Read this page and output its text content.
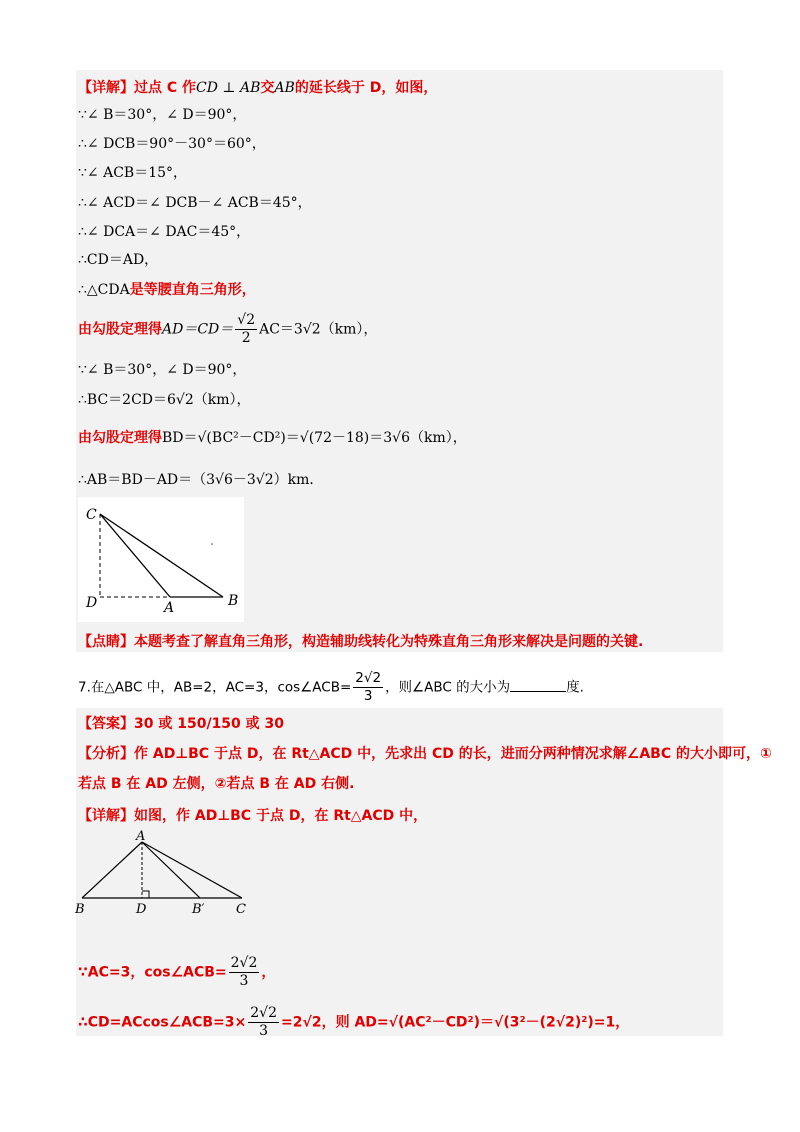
【详解】过点 C 作CD ⊥ AB交AB的延长线于 D，如图，
∵∠ B＝30°，∠ D＝90°，
∴∠ DCB＝90°－30°＝60°，
∵∠ ACB＝15°，
∴∠ ACD＝∠ DCB－∠ ACB＝45°，
∴∠ DCA＝∠ DAC＝45°，
∴CD＝AD，
∴△CDA是等腰直角三角形，
由勾股定理得$AD=CD= \frac{√2}{2} AC=3√2(km)$，
∵∠ B＝30°，∠ D＝90°，
∴BC＝2CD＝6√2（km），
由勾股定理得BD＝√(BC²－CD²)＝√(72－18)＝3√6（km），
∴AB＝BD－AD＝（3√6－3√2）km．
C
D	A	B
【点睛】本题考查了解直角三角形，构造辅助线转化为特殊直角三角形来解决是问题的关键.
7.在△ABC 中，AB=2，AC=3，cos∠ACB= $\frac{2√2}{3}$ ，则∠ABC 的大小为	度.
【答案】30 或 150/150 或 30
【分析】作 AD⊥BC 于点 D，在 Rt△ACD 中，先求出 CD 的长，进而分两种情况求解∠ABC 的大小即可，①
若点 B 在 AD 左侧，②若点 B 在 AD 右侧.
【详解】如图，作 AD⊥BC 于点 D，在 Rt△ACD 中，
A
B	D	B′ C
∵AC=3，cos∠ACB= $\frac{2√2}{3}$ ，
∴CD=ACcos∠ACB=3× $\frac{2√2}{3} =2√2$，则 AD=√(AC²－CD²)＝√(3²－(2√2)²)=1，
